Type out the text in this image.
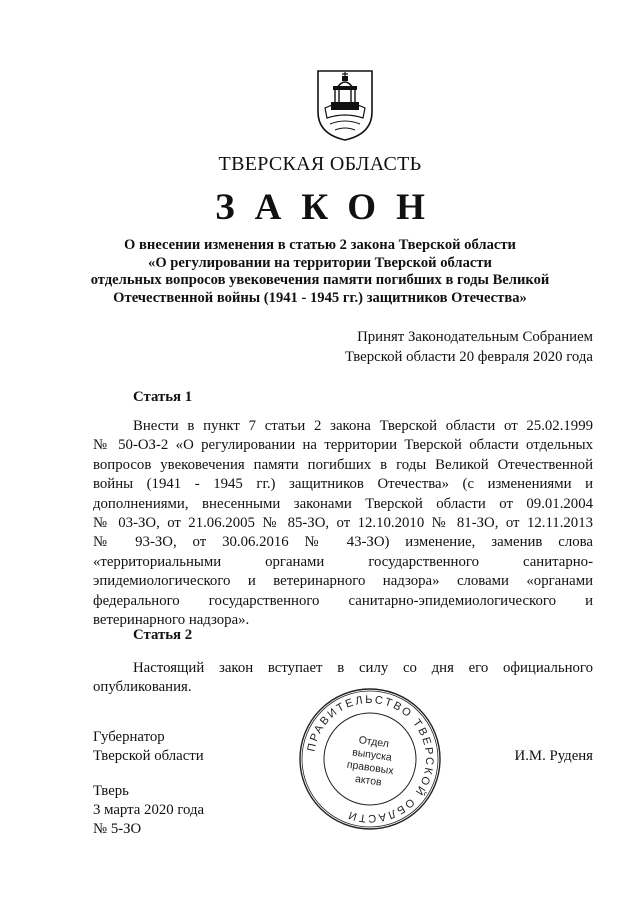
ТВЕРСКАЯ ОБЛАСТЬ
ЗАКОН
О внесении изменения в статью 2 закона Тверской области
«О регулировании на территории Тверской области
отдельных вопросов увековечения памяти погибших в годы Великой
Отечественной войны (1941 - 1945 гг.) защитников Отечества»
Принят Законодательным Собранием
Тверской области 20 февраля 2020 года
Статья 1
Внести в пункт 7 статьи 2 закона Тверской области от 25.02.1999
№ 50-ОЗ-2 «О регулировании на территории Тверской области отдельных
вопросов увековечения памяти погибших в годы Великой Отечественной
войны (1941 - 1945 гг.) защитников Отечества» (с изменениями и
дополнениями, внесенными законами Тверской области от 09.01.2004
№ 03-ЗО, от 21.06.2005 № 85-ЗО, от 12.10.2010 № 81-ЗО, от 12.11.2013
№ 93-ЗО, от 30.06.2016 № 43-ЗО) изменение, заменив слова
«территориальными органами государственного санитарно-
эпидемиологического и ветеринарного надзора» словами «органами
федерального государственного санитарно-эпидемиологического и
ветеринарного надзора».
Статья 2
Настоящий закон вступает в силу со дня его официального
опубликования.
Губернатор
Тверской области	И.М. Руденя
Тверь
3 марта 2020 года
№ 5-ЗО
ПРАВИТЕЛЬСТВО ТВЕРСКОЙ ОБЛАСТИ
Отдел
выпуска
правовых
актов
